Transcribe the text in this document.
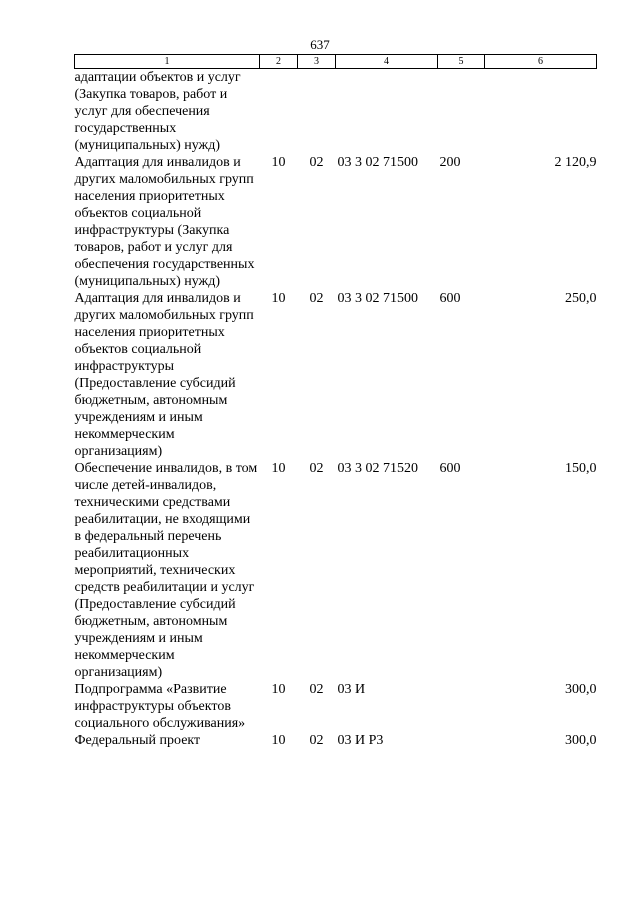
637
1	2	3	4	5	6
адаптации объектов и услуг (Закупка товаров, работ и услуг для обеспечения государственных (муниципальных) нужд)					
Адаптация для инвалидов и других маломобильных групп населения приоритетных объектов социальной инфраструктуры (Закупка товаров, работ и услуг для обеспечения государственных (муниципальных) нужд)	10	02	03 3 02 71500	200	2 120,9
Адаптация для инвалидов и других маломобильных групп населения приоритетных объектов социальной инфраструктуры (Предоставление субсидий бюджетным, автономным учреждениям и иным некоммерческим организациям)	10	02	03 3 02 71500	600	250,0
Обеспечение инвалидов, в том числе детей-инвалидов, техническими средствами реабилитации, не входящими в федеральный перечень реабилитационных мероприятий, технических средств реабилитации и услуг (Предоставление субсидий бюджетным, автономным учреждениям и иным некоммерческим организациям)	10	02	03 3 02 71520	600	150,0
Подпрограмма «Развитие инфраструктуры объектов социального обслуживания»	10	02	03 И		300,0
Федеральный проект	10	02	03 И Р3		300,0
